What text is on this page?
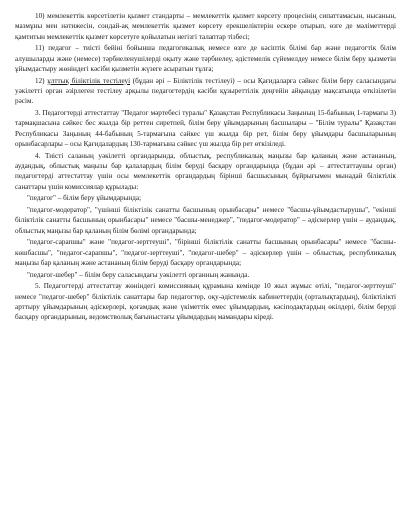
10) мемлекеттік көрсетілетін қызмет стандарты – мемлекеттік қызмет көрсету процесінің сипаттамасын, нысанын, мазмұны мен нәтижесін, сондай-ақ мемлекеттік қызмет көрсету ерекшеліктерін ескере отырып, өзге де мәліметтерді қамтитын мемлекеттік қызмет көрсетуге қойылатын негізгі талаптар тізбесі;

11) педагог – тиісті бейіні бойынша педагогикалық немесе өзге де кәсіптік білімі бар және педагогтік білім алушыларды және (немесе) тәрбиеленушілерді оқыту және тәрбиелеу, әдістемелік сүйемелдеу немесе білім беру қызметін ұйымдастыру жөніндегі кәсіби қызметін жүзеге асыратын тұлға;

12) ұлттық біліктілік тестілеуі (бұдан әрі – Біліктілік тестілеуі) – осы Қағидаларға сәйкес білім беру саласындағы уәкілетті орган әзірлеген тестілеу арқылы педагогтердің кәсіби құзыреттілік деңгейін айқындау мақсатында өткізілетін рәсім.

3. Педагогтерді аттестаттау "Педагог мәртебесі туралы" Қазақстан Республикасы Заңының 15-бабының 1-тармағы 3) тармақшасына сәйкес бес жылда бір реттен сиретпей, білім беру ұйымдарының басшылары – "Білім туралы" Қазақстан Республикасы Заңының 44-бабының 5-тармағына сәйкес үш жылда бір рет, білім беру ұйымдары басшыларының орынбасарлары – осы Қағидалардың 130-тармағына сәйкес үш жылда бір рет өткізіледі.

4. Тиісті саланың уәкілетті органдарында, облыстық, республикалық маңызы бар қаланың және астананың, аудандық, облыстық маңызы бар қалалардың білім беруді басқару органдарында (бұдан әрі – аттестаттаушы орган) педагогтерді аттестаттау үшін осы мемлекеттік органдардың бірінші басшысының бұйрығымен мынадай біліктілік санаттары үшін комиссиялар құрылады:

"педагог" – білім беру ұйымдарында;

"педагог-модератор", "үшінші біліктілік санатты басшының орынбасары" немесе "басшы-ұйымдастырушы", "екінші біліктілік санатты басшының орынбасары" немесе "басшы-менеджер", "педагог-модератор" – әдіскерлер үшін – аудандық, облыстық маңызы бар қаланың білім бөлімі органдарында;

"педагог-сарапшы" және "педагог-зерттеуші", "бірінші біліктілік санатты басшының орынбасары" немесе "басшы-көшбасшы", "педагог-сарапшы", "педагог-зерттеуші", "педагог-шебер" – әдіскерлер үшін – облыстық, республикалық маңызы бар қаланың және астананың білім беруді басқару органдарында;

"педагог-шебер" – білім беру саласындағы уәкілетті органның жанында.

5. Педагогтерді аттестаттау жөніндегі комиссияның құрамына кемінде 10 жыл жұмыс өтілі, "педагог-зерттеуші" немесе "педагог-шебер" біліктілік санаттары бар педагогтер, оқу-әдістемелік кабинеттердің (орталықтардың), біліктілікті арттыру ұйымдарының әдіскерлері, қоғамдық және үкіметтік емес ұйымдардың, кәсіподақтардың өкілдері, білім беруді басқару органдарының, ведомстволық бағыныстағы ұйымдардың мамандары кіреді.
